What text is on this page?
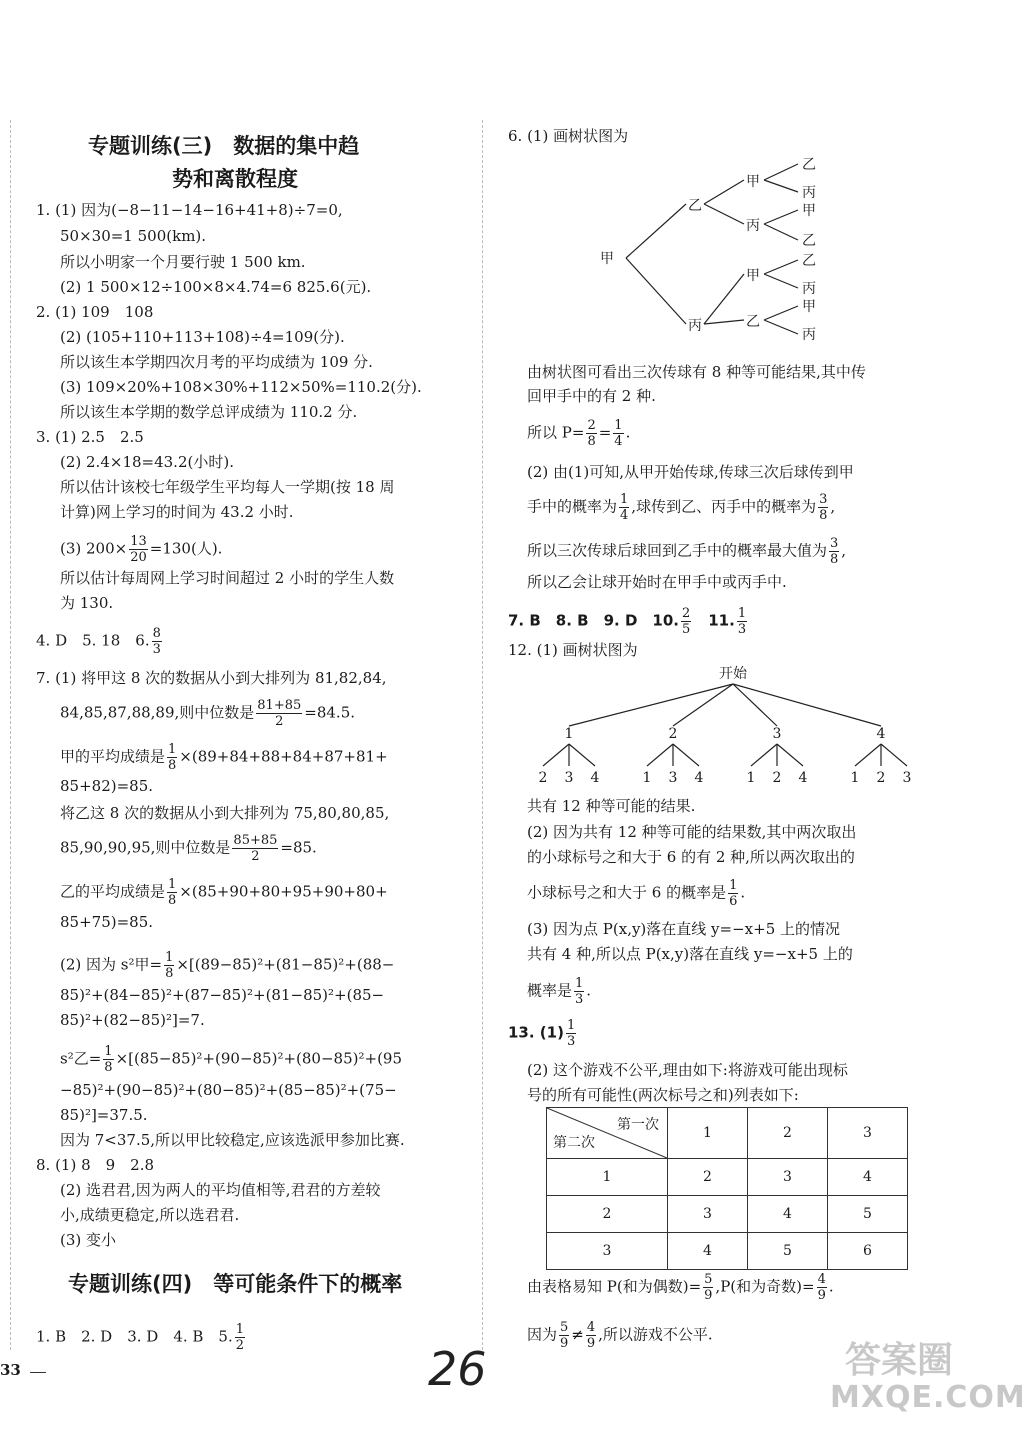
专题训练(三)　数据的集中趋
势和离散程度
1. (1) 因为(−8−11−14−16+41+8)÷7=0,
50×30=1 500(km).
所以小明家一个月要行驶 1 500 km.
(2) 1 500×12÷100×8×4.74=6 825.6(元).
2. (1) 109　108
(2) (105+110+113+108)÷4=109(分).
所以该生本学期四次月考的平均成绩为 109 分.
(3) 109×20%+108×30%+112×50%=110.2(分).
所以该生本学期的数学总评成绩为 110.2 分.
3. (1) 2.5　2.5
(2) 2.4×18=43.2(小时).
所以估计该校七年级学生平均每人一学期(按 18 周
计算)网上学习的时间为 43.2 小时.
(3) $200\times \frac{13}{20} =130$(人).
所以估计每周网上学习时间超过 2 小时的学生人数
为 130.
4. D　5. 18　6. $\frac{8}{3}$
7. (1) 将甲这 8 次的数据从小到大排列为 81,82,84,
84,85,87,88,89,则中位数是 $\frac{81+85}{2} =84.5$.
甲的平均成绩是 $\frac{1}{8} \times(89+84+88+84+87+81+$
85+82)=85.
将乙这 8 次的数据从小到大排列为 75,80,80,85,
85,90,90,95,则中位数是 $\frac{85+85}{2} =85$.
乙的平均成绩是 $\frac{1}{8} \times(85+90+80+95+90+80+$
85+75)=85.
(2) 因为 s²甲= $\frac{1}{8} \times[(89-85)^2+(81-85)^2+(88-$
85)²+(84−85)²+(87−85)²+(81−85)²+(85−
85)²+(82−85)²]=7.
s²乙= $\frac{1}{8} \times[(85-85)^2+(90-85)^2+(80-85)^2+(95$
−85)²+(90−85)²+(80−85)²+(85−85)²+(75−
85)²]=37.5.
因为 7<37.5,所以甲比较稳定,应该选派甲参加比赛.
8. (1) 8　9　2.8
(2) 选君君,因为两人的平均值相等,君君的方差较
小,成绩更稳定,所以选君君.
(3) 变小
专题训练(四)　等可能条件下的概率
1. B　2. D　3. D　4. B　5. $\frac{1}{2}$
33
6. (1) 画树状图为
甲
乙
丙
甲
丙
甲
乙
乙
丙
甲
乙
乙
丙
甲
丙
由树状图可看出三次传球有 8 种等可能结果,其中传
回甲手中的有 2 种.
所以 $P= \frac{2}{8} = \frac{1}{4}$ .
(2) 由(1)可知,从甲开始传球,传球三次后球传到甲
手中的概率为 $\frac{1}{4}$ ,球传到乙、丙手中的概率为 $\frac{3}{8}$ ,
所以三次传球后球回到乙手中的概率最大值为 $\frac{3}{8}$ ,
所以乙会让球开始时在甲手中或丙手中.
7. B　8. B　9. D　10. $\frac{2}{5}$ 　11. $\frac{1}{3}$
12. (1) 画树状图为
开始
1
2 3 4
2
1 3 4
3
1 2 4
4
1 2 3
共有 12 种等可能的结果.
(2) 因为共有 12 种等可能的结果数,其中两次取出
的小球标号之和大于 6 的有 2 种,所以两次取出的
小球标号之和大于 6 的概率是 $\frac{1}{6}$ .
(3) 因为点 P(x,y)落在直线 y=−x+5 上的情况
共有 4 种,所以点 P(x,y)落在直线 y=−x+5 上的
概率是 $\frac{1}{3}$ .
13. $(1) \frac{1}{3}$
(2) 这个游戏不公平,理由如下:将游戏可能出现标
号的所有可能性(两次标号之和)列表如下:
第一次
第二次	1	2	3
1	2	3	4
2	3	4	5
3	4	5	6
由表格易知 P(和为偶数)= $\frac{5}{9} ,P$(和为奇数)= $\frac{4}{9}$ .
因为 $\frac{5}{9} \ne \frac{4}{9}$ ,所以游戏不公平.
26	答案圈
MXQE.COM
